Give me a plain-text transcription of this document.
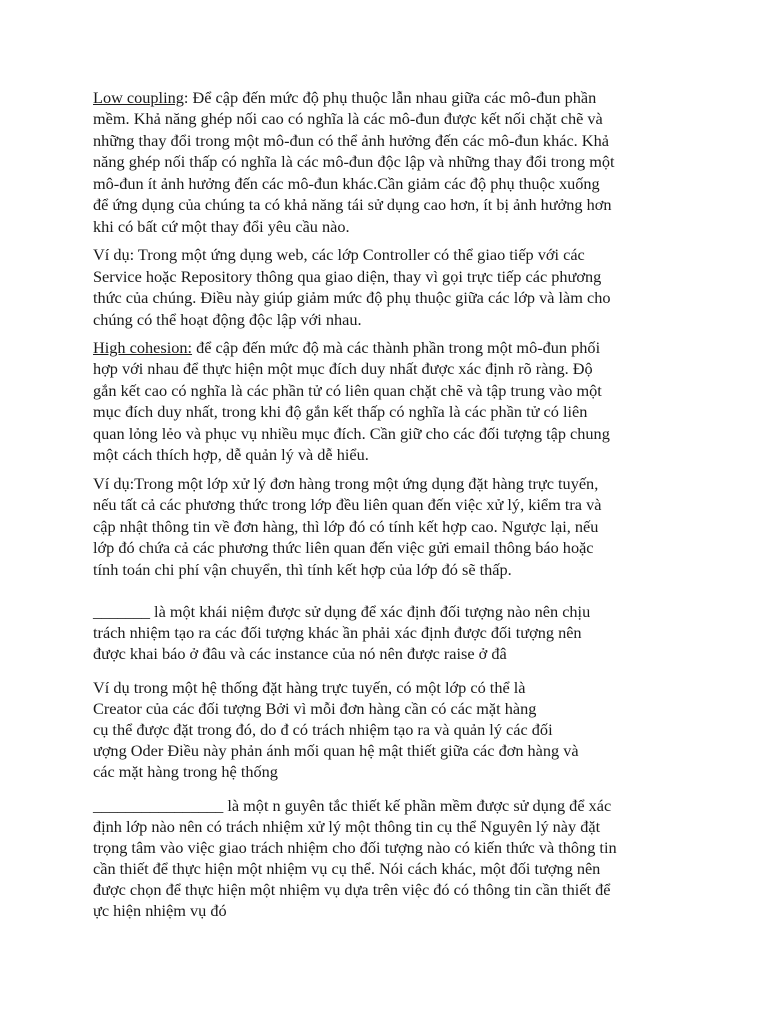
Low coupling: Để cập đến mức độ phụ thuộc lẫn nhau giữa các mô-đun phần

mềm. Khả năng ghép nối cao có nghĩa là các mô-đun được kết nối chặt chẽ và

những thay đổi trong một mô-đun có thể ảnh hưởng đến các mô-đun khác. Khả

năng ghép nối thấp có nghĩa là các mô-đun độc lập và những thay đổi trong một

mô-đun ít ảnh hưởng đến các mô-đun khác.Cần giảm các độ phụ thuộc xuống

để ứng dụng của chúng ta có khả năng tái sử dụng cao hơn, ít bị ảnh hưởng hơn

khi có bất cứ một thay đổi yêu cầu nào.

Ví dụ: Trong một ứng dụng web, các lớp Controller có thể giao tiếp với các

Service hoặc Repository thông qua giao diện, thay vì gọi trực tiếp các phương

thức của chúng. Điều này giúp giảm mức độ phụ thuộc giữa các lớp và làm cho

chúng có thể hoạt động độc lập với nhau.

High cohesion: để cập đến mức độ mà các thành phần trong một mô-đun phối

hợp với nhau để thực hiện một mục đích duy nhất được xác định rõ ràng. Độ

gắn kết cao có nghĩa là các phần tử có liên quan chặt chẽ và tập trung vào một

mục đích duy nhất, trong khi độ gắn kết thấp có nghĩa là các phần tử có liên

quan lỏng lẻo và phục vụ nhiều mục đích. Cần giữ cho các đối tượng tập chung

một cách thích hợp, dễ quản lý và dễ hiểu.

Ví dụ:Trong một lớp xử lý đơn hàng trong một ứng dụng đặt hàng trực tuyến,

nếu tất cả các phương thức trong lớp đều liên quan đến việc xử lý, kiểm tra và

cập nhật thông tin về đơn hàng, thì lớp đó có tính kết hợp cao. Ngược lại, nếu

lớp đó chứa cả các phương thức liên quan đến việc gửi email thông báo hoặc

tính toán chi phí vận chuyển, thì tính kết hợp của lớp đó sẽ thấp.

_______ là một khái niệm được sử dụng để xác định đối tượng nào nên chịu

trách nhiệm tạo ra các đối tượng khác ần phải xác định được đối tượng nên

được khai báo ở đâu và các instance của nó nên được raise ở đâ

Ví dụ trong một hệ thống đặt hàng trực tuyến, có một lớp có thể là

Creator của các đối tượng Bởi vì mỗi đơn hàng cần có các mặt hàng

cụ thể được đặt trong đó, do đ có trách nhiệm tạo ra và quản lý các đối

ượng Oder Điều này phản ánh mối quan hệ mật thiết giữa các đơn hàng và

các mặt hàng trong hệ thống

________________ là một n guyên tắc thiết kế phần mềm được sử dụng để xác

định lớp nào nên có trách nhiệm xử lý một thông tin cụ thể Nguyên lý này đặt

trọng tâm vào việc giao trách nhiệm cho đối tượng nào có kiến thức và thông tin

cần thiết để thực hiện một nhiệm vụ cụ thể. Nói cách khác, một đối tượng nên

được chọn để thực hiện một nhiệm vụ dựa trên việc đó có thông tin cần thiết để

ực hiện nhiệm vụ đó
